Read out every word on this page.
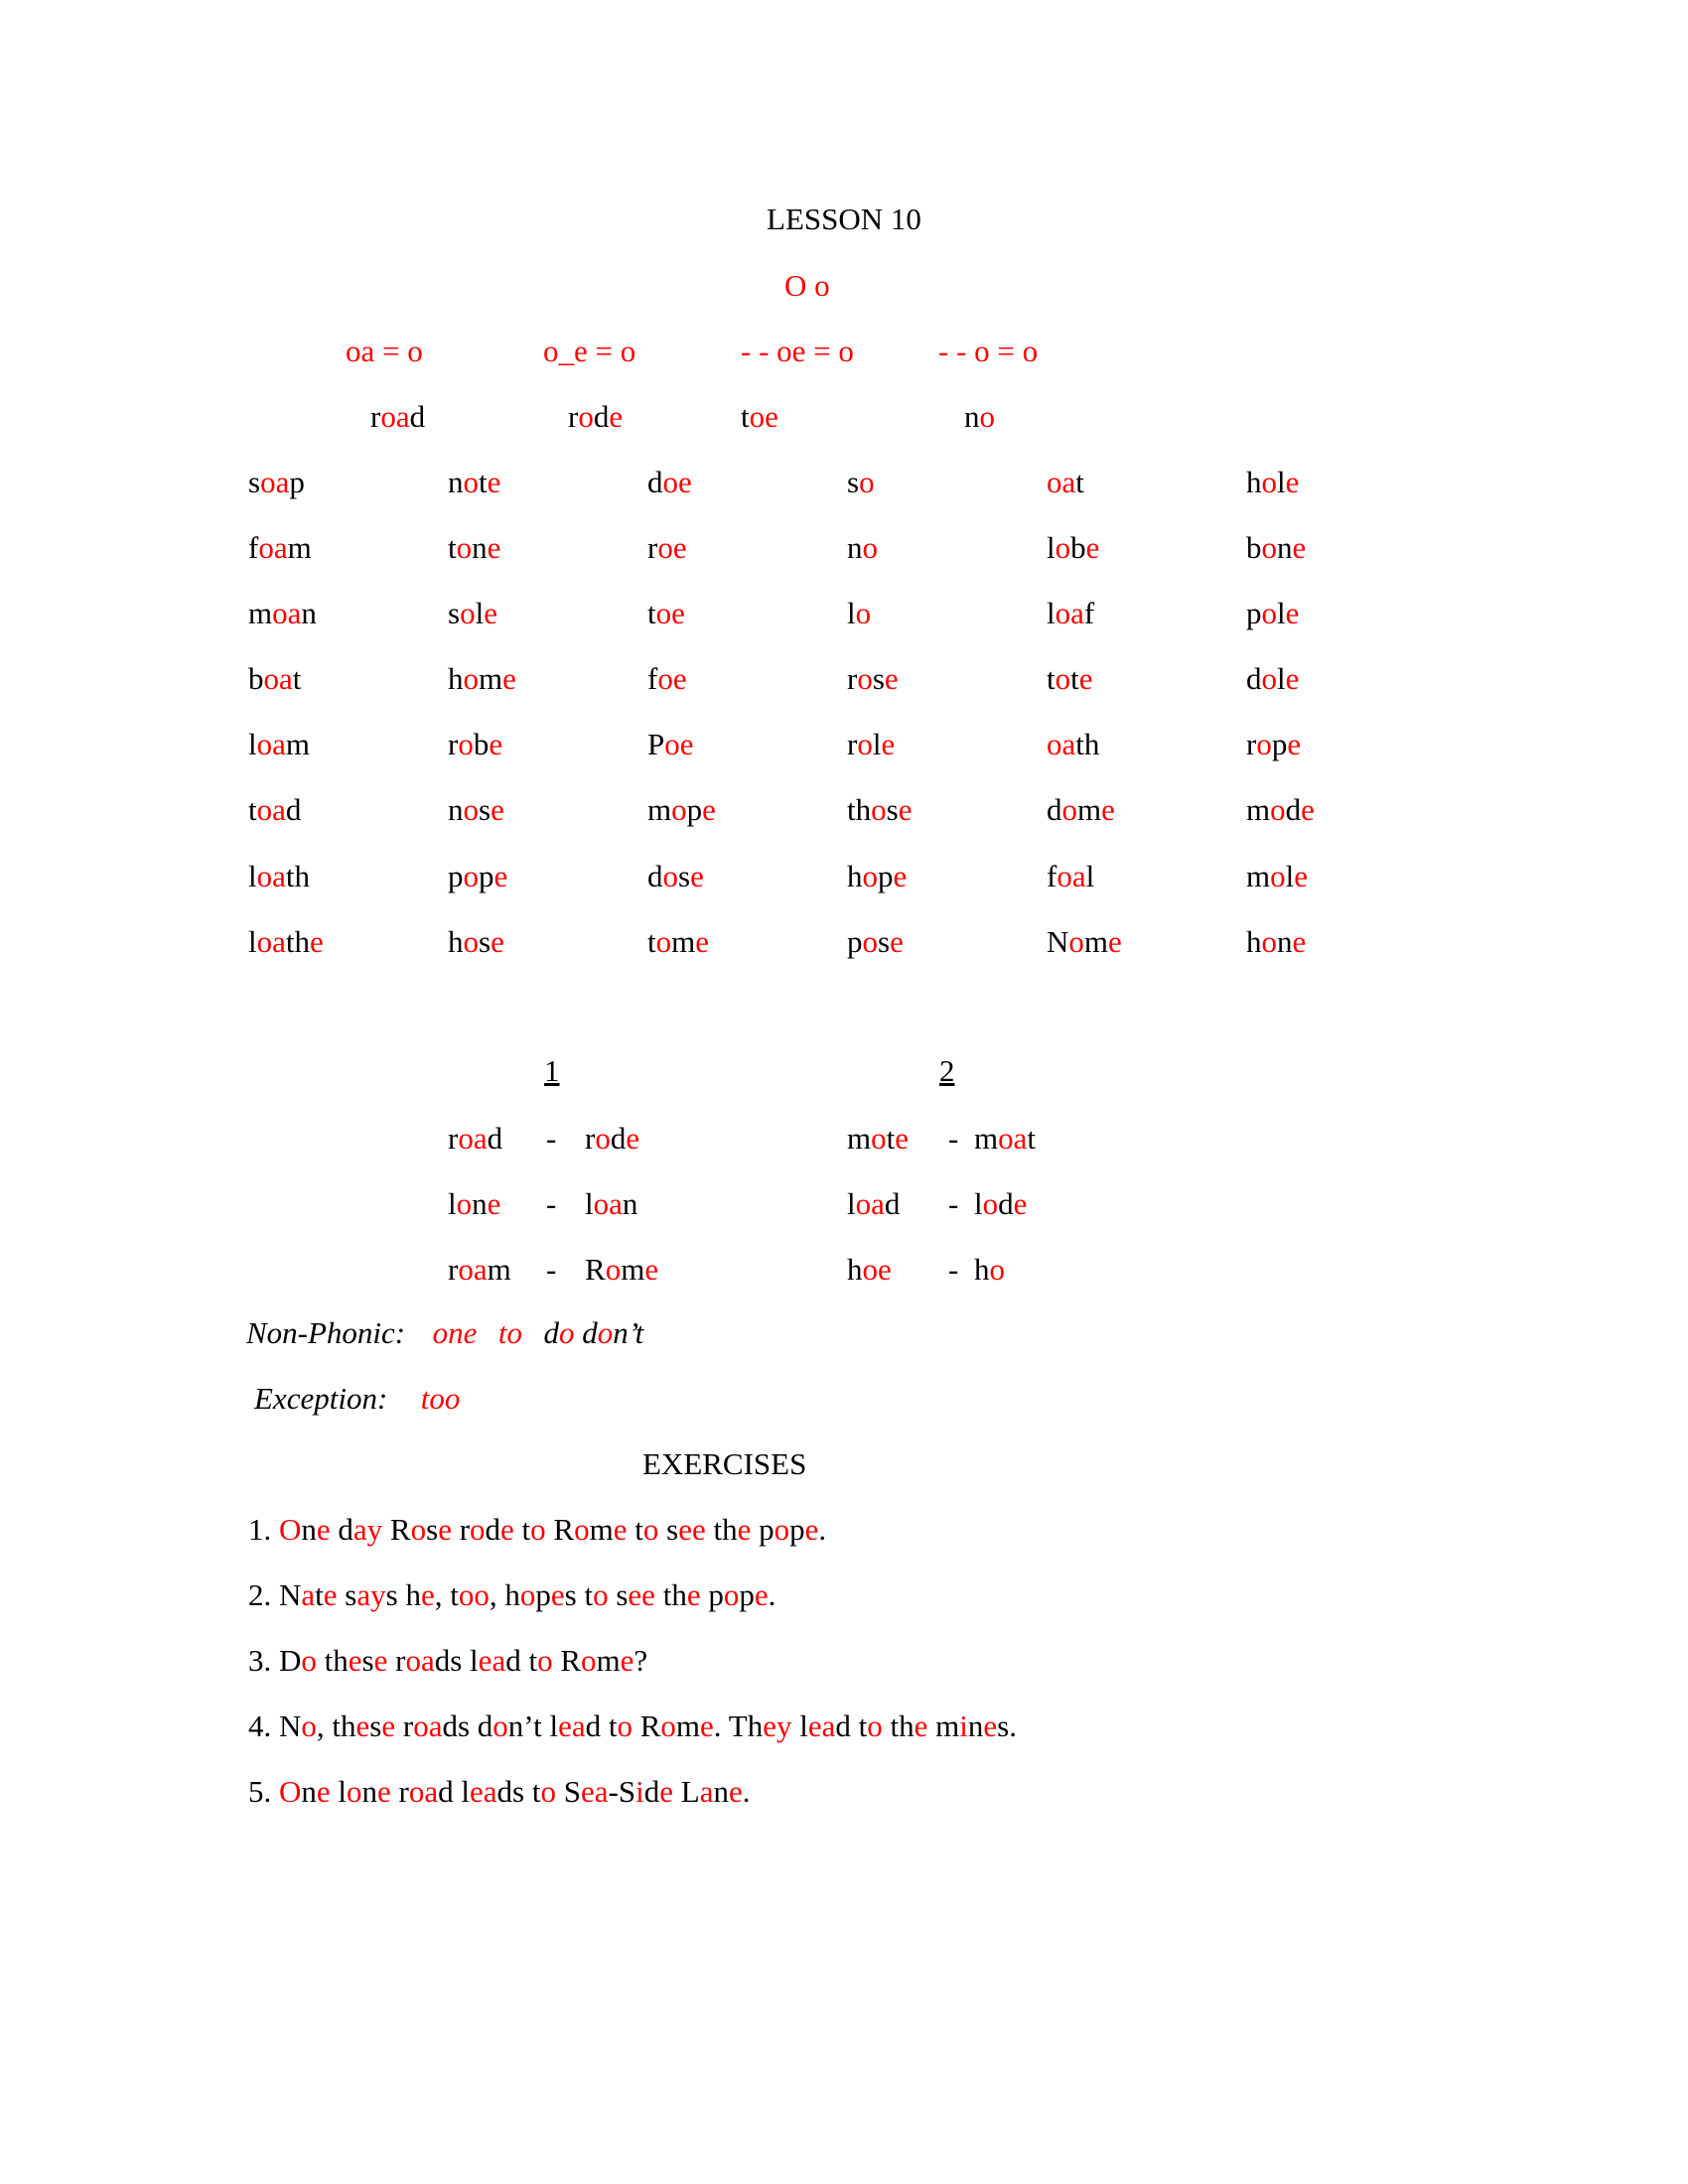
LESSON 10
O o
oa = o	o_e = o	- - oe = o	- - o = o
road	rode	toe	no
soap	note	doe	so	oat	hole
foam	tone	roe	no	lobe	bone
moan	sole	toe	lo	loaf	pole
boat	home	foe	rose	tote	dole
loam	robe	Poe	role	oath	rope
toad	nose	mope	those	dome	mode
loath	pope	dose	hope	foal	mole
loathe	hose	tome	pose	Nome	hone
1	2
road - rode
lone - loan
roam - Rome
mote - moat
load - lode
hoe - ho
Non-Phonic: one to do don’t
Exception: too
EXERCISES
1. One day Rose rode to Rome to see the pope.
2. Nate says he, too, hopes to see the pope.
3. Do these roads lead to Rome?
4. No, these roads don’t lead to Rome. They lead to the mines.
5. One lone road leads to Sea-Side Lane.
